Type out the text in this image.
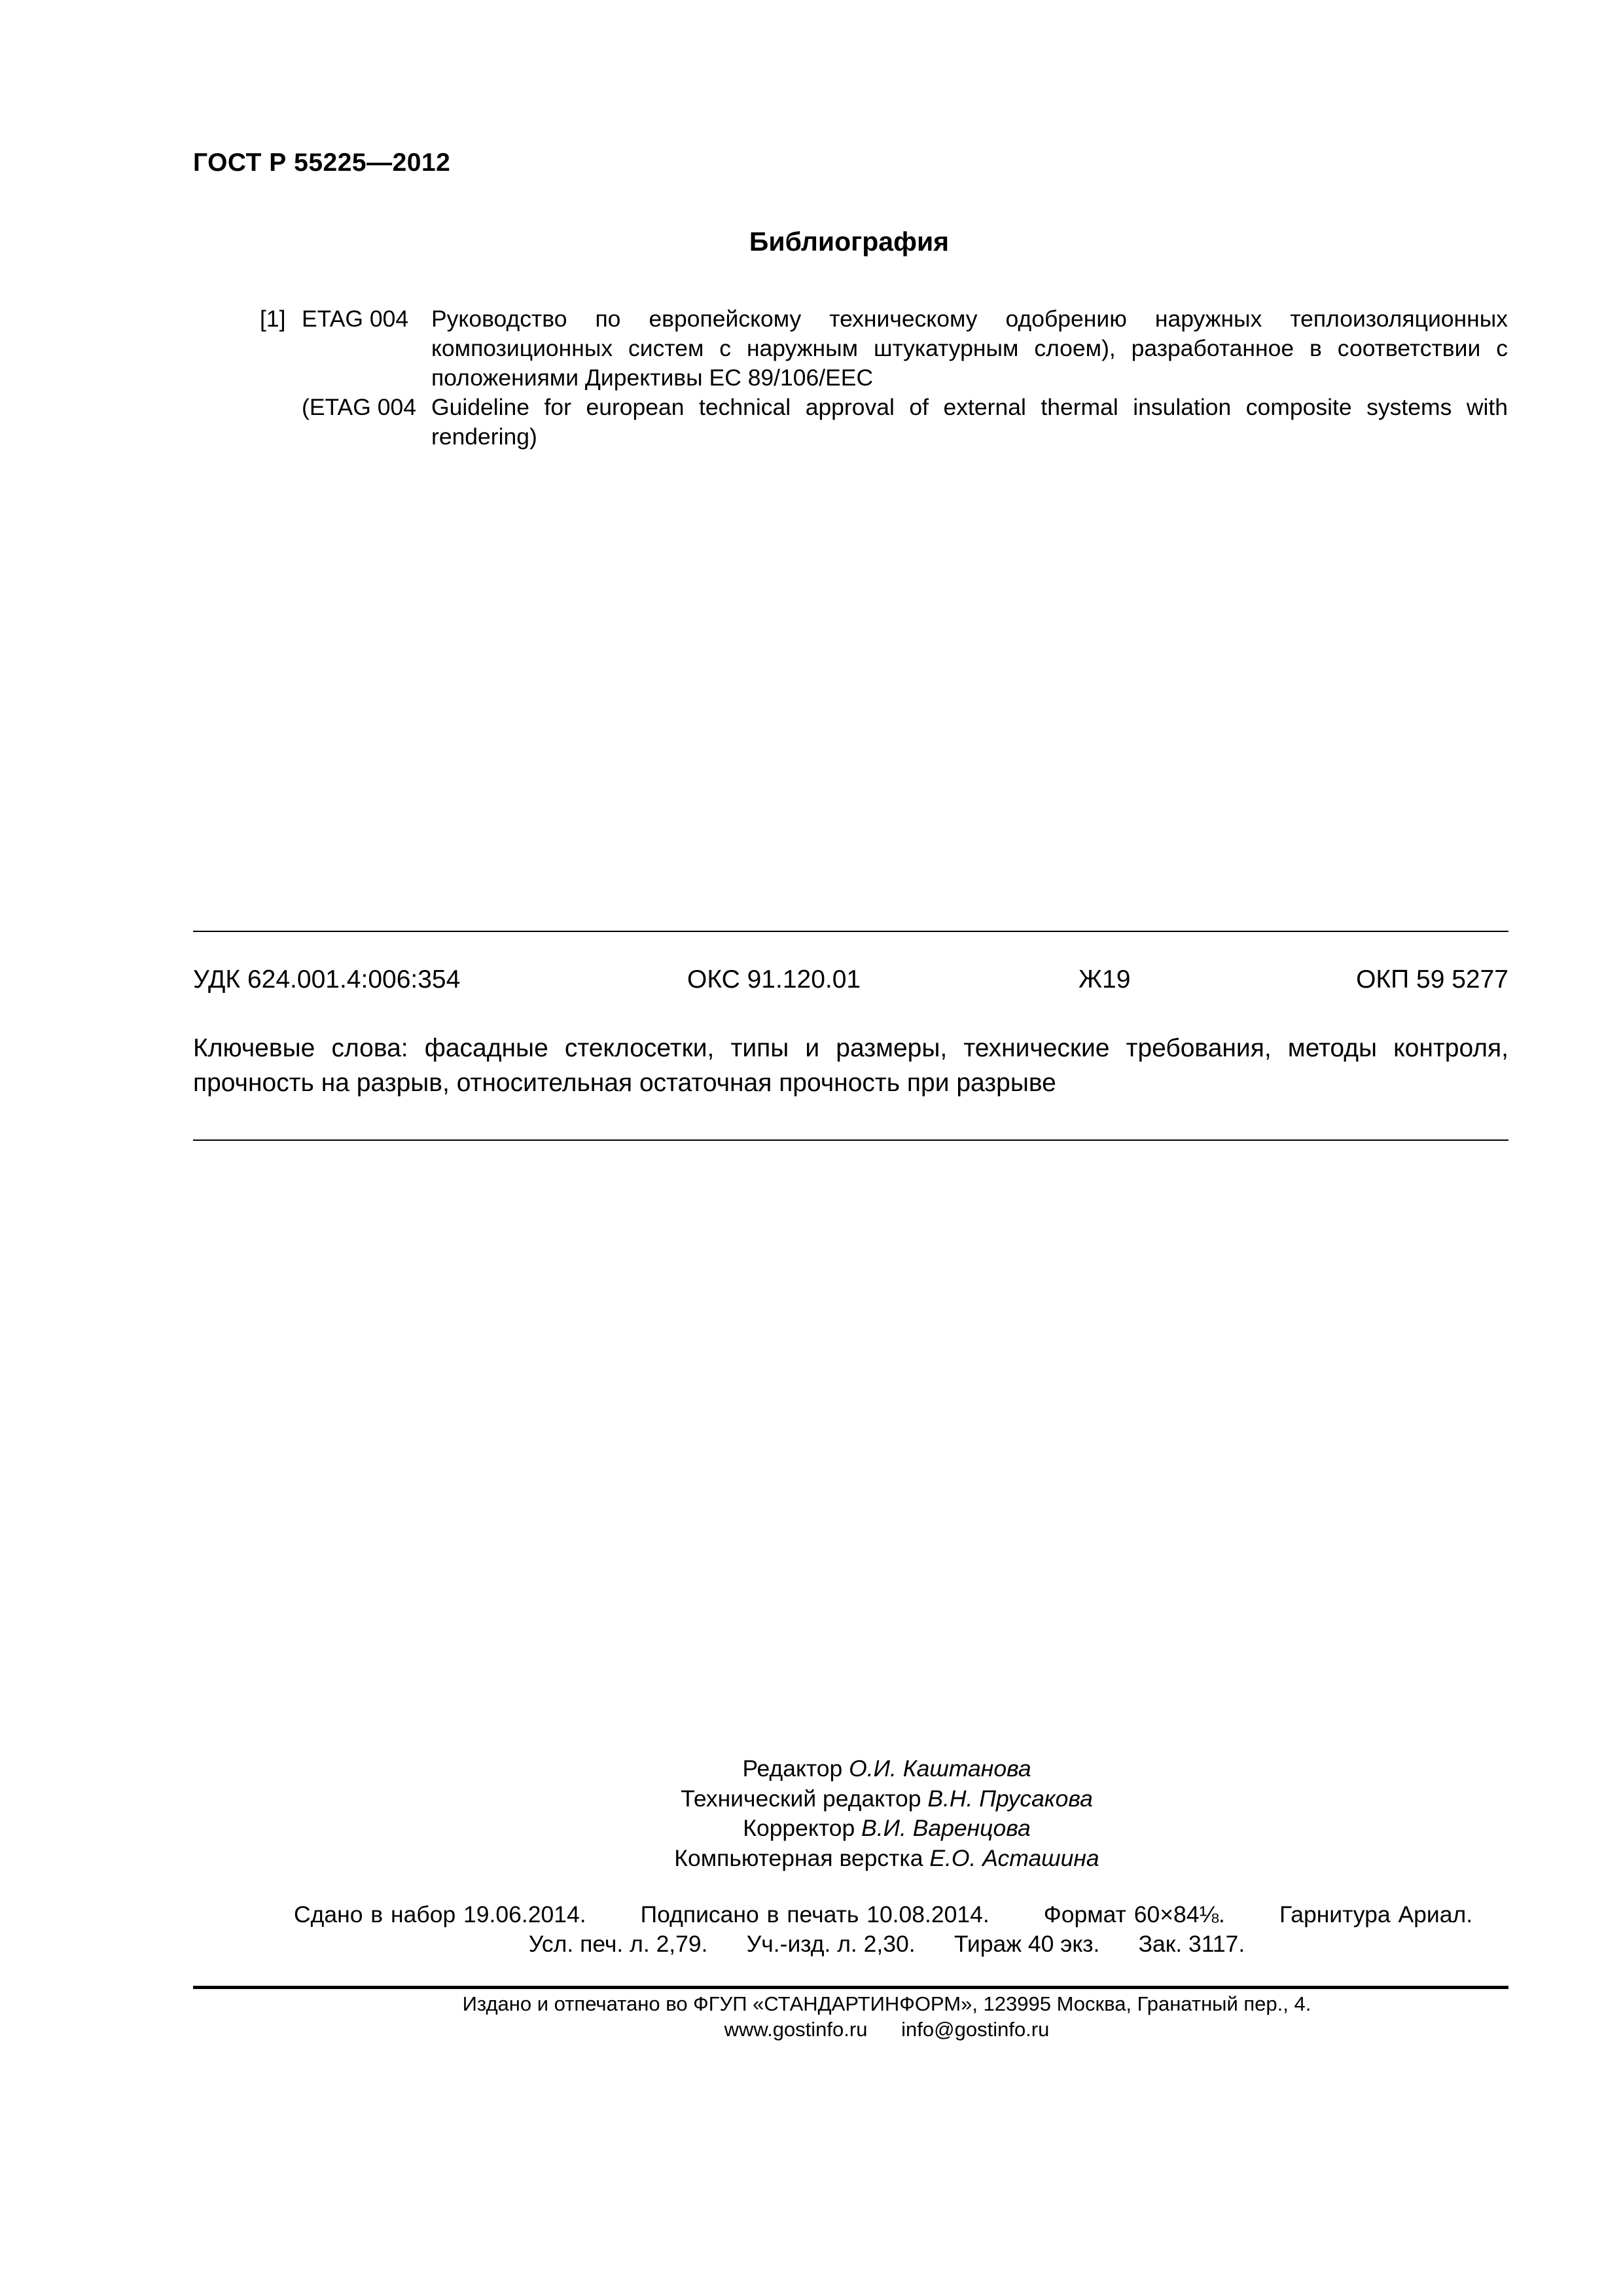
ГОСТ Р 55225—2012
Библиография
[1] ETAG 004 Руководство по европейскому техническому одобрению наружных теплоизоляционных композиционных систем с наружным штукатурным слоем), разработанное в соответствии с положениями Директивы ЕС 89/106/ЕЕС
(ETAG 004 Guideline for european technical approval of external thermal insulation composite systems with rendering)
УДК 624.001.4:006:354	ОКС 91.120.01	Ж19	ОКП 59 5277
Ключевые слова: фасадные стеклосетки, типы и размеры, технические требования, методы контроля, прочность на разрыв, относительная остаточная прочность при разрыве
Редактор О.И. Каштанова
Технический редактор В.Н. Прусакова
Корректор В.И. Варенцова
Компьютерная верстка Е.О. Асташина
Сдано в набор 19.06.2014. Подписано в печать 10.08.2014. Формат 60×84⅛. Гарнитура Ариал.
Усл. печ. л. 2,79. Уч.-изд. л. 2,30. Тираж 40 экз. Зак. 3117.
Издано и отпечатано во ФГУП «СТАНДАРТИНФОРМ», 123995 Москва, Гранатный пер., 4.
www.gostinfo.ru info@gostinfo.ru
